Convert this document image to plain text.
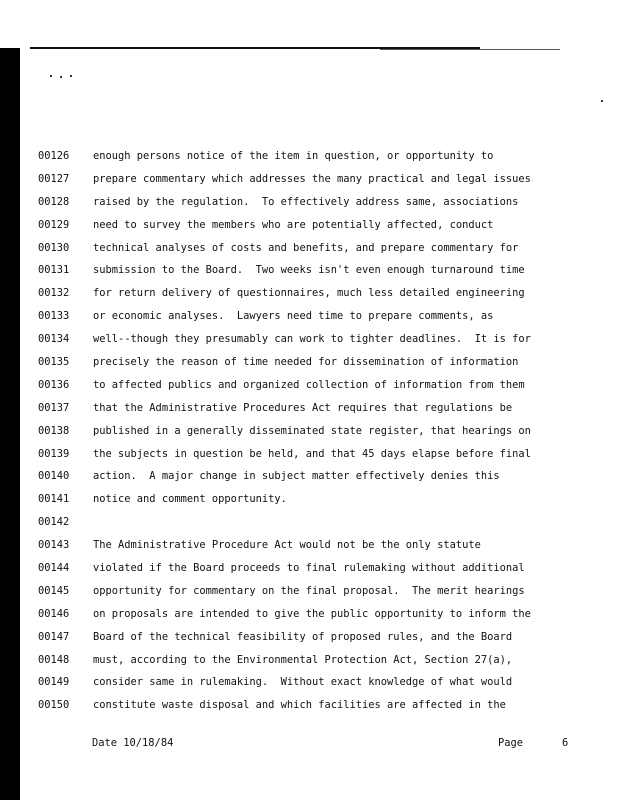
00126	enough persons notice of the item in question, or opportunity to
00127	prepare commentary which addresses the many practical and legal issues
00128	raised by the regulation.  To effectively address same, associations
00129	need to survey the members who are potentially affected, conduct
00130	technical analyses of costs and benefits, and prepare commentary for
00131	submission to the Board.  Two weeks isn't even enough turnaround time
00132	for return delivery of questionnaires, much less detailed engineering
00133	or economic analyses.  Lawyers need time to prepare comments, as
00134	well--though they presumably can work to tighter deadlines.  It is for
00135	precisely the reason of time needed for dissemination of information
00136	to affected publics and organized collection of information from them
00137	that the Administrative Procedures Act requires that regulations be
00138	published in a generally disseminated state register, that hearings on
00139	the subjects in question be held, and that 45 days elapse before final
00140	action.  A major change in subject matter effectively denies this
00141	notice and comment opportunity.
00142
00143	The Administrative Procedure Act would not be the only statute
00144	violated if the Board proceeds to final rulemaking without additional
00145	opportunity for commentary on the final proposal.  The merit hearings
00146	on proposals are intended to give the public opportunity to inform the
00147	Board of the technical feasibility of proposed rules, and the Board
00148	must, according to the Environmental Protection Act, Section 27(a),
00149	consider same in rulemaking.  Without exact knowledge of what would
00150	constitute waste disposal and which facilities are affected in the
Date 10/18/84	Page	6
